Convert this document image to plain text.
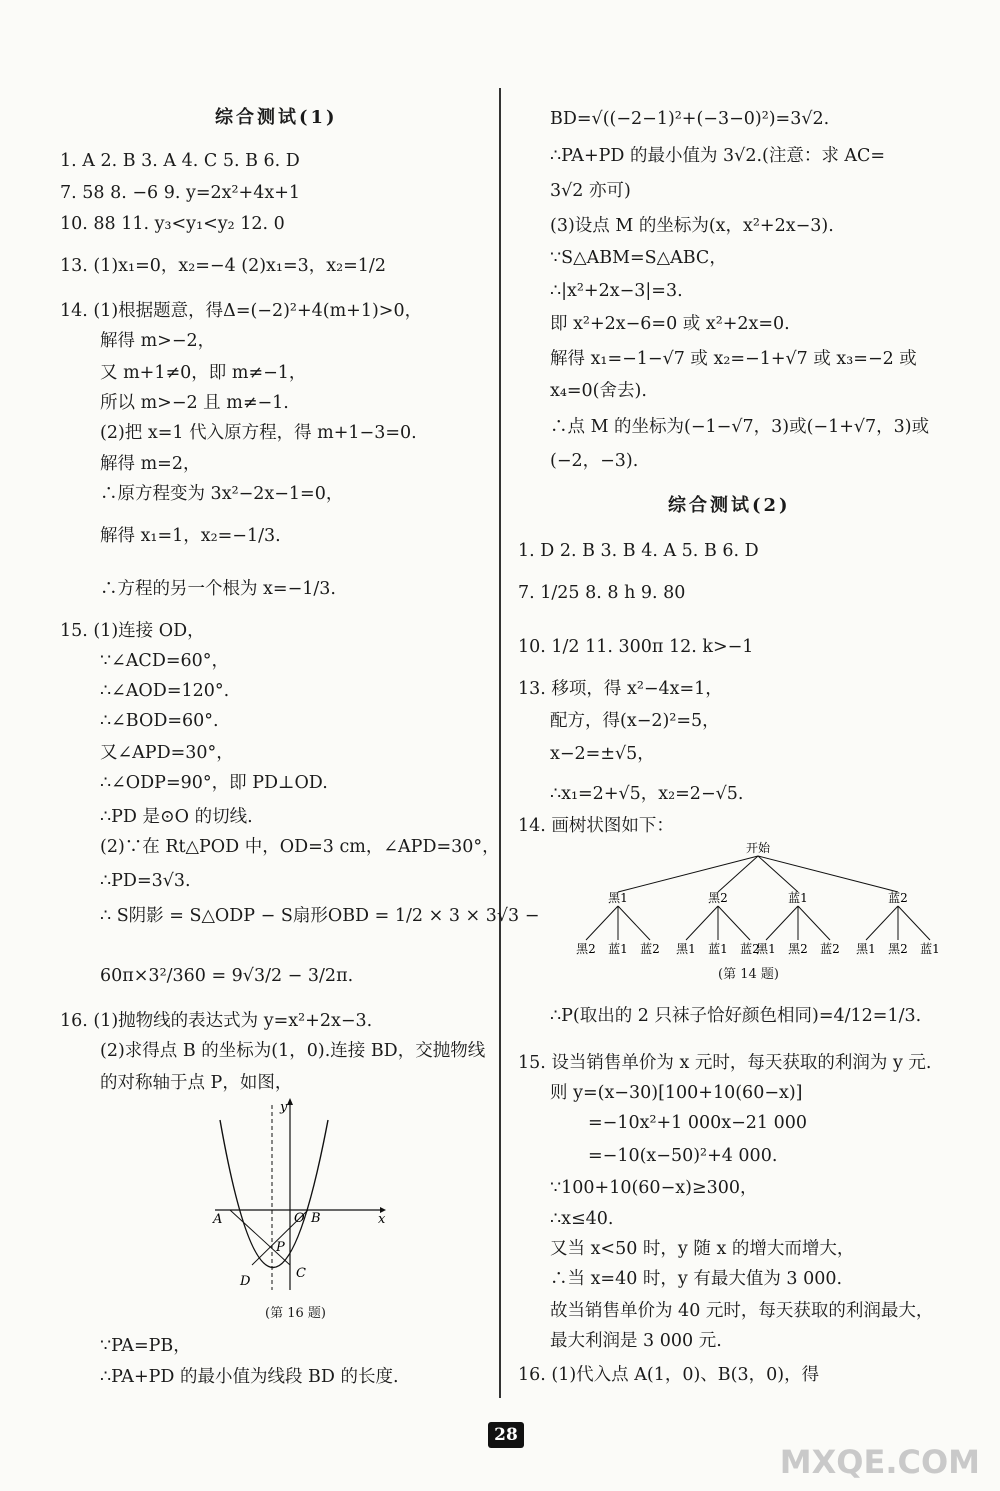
综合测试(1)
1. A 2. B 3. A 4. C 5. B 6. D
7. 58 8. −6 9. y=2x²+4x+1
10. 88 11. y₃<y₁<y₂ 12. 0
13. (1)x₁=0，x₂=−4 (2)x₁=3，x₂=1/2
14. (1)根据题意，得Δ=(−2)²+4(m+1)>0，
解得 m>−2，
又 m+1≠0，即 m≠−1，
所以 m>−2 且 m≠−1.
(2)把 x=1 代入原方程，得 m+1−3=0.
解得 m=2，
∴原方程变为 3x²−2x−1=0，
解得 x₁=1，x₂=−1/3.
∴方程的另一个根为 x=−1/3.
15. (1)连接 OD，
∵∠ACD=60°，
∴∠AOD=120°.
∴∠BOD=60°.
又∠APD=30°，
∴∠ODP=90°，即 PD⊥OD.
∴PD 是⊙O 的切线.
(2)∵在 Rt△POD 中，OD=3 cm，∠APD=30°，
∴PD=3√3.
∴ S阴影 = S△ODP − S扇形OBD = 1/2 × 3 × 3√3 −
60π×3²/360 = 9√3/2 − 3/2π.
16. (1)抛物线的表达式为 y=x²+2x−3.
(2)求得点 B 的坐标为(1，0).连接 BD，交抛物线
的对称轴于点 P，如图，
∵PA=PB，
∴PA+PD 的最小值为线段 BD 的长度.
A	O B
P
C
D
y
x
(第 16 题)
BD=√((−2−1)²+(−3−0)²)=3√2.
∴PA+PD 的最小值为 3√2.(注意：求 AC=
3√2 亦可)
(3)设点 M 的坐标为(x，x²+2x−3).
∵S△ABM=S△ABC，
∴|x²+2x−3|=3.
即 x²+2x−6=0 或 x²+2x=0.
解得 x₁=−1−√7 或 x₂=−1+√7 或 x₃=−2 或
x₄=0(舍去).
∴点 M 的坐标为(−1−√7，3)或(−1+√7，3)或
(−2，−3).
综合测试(2)
1. D 2. B 3. B 4. A 5. B 6. D
7. 1/25 8. 8 h 9. 80
10. 1/2 11. 300π 12. k>−1
13. 移项，得 x²−4x=1，
配方，得(x−2)²=5，
x−2=±√5，
∴x₁=2+√5，x₂=2−√5.
14. 画树状图如下：
开始
黑1
黑2 蓝1 蓝2
黑2
黑1 蓝1 蓝2
蓝1
黑1 黑2 蓝2
蓝2
黑1 黑2 蓝1
(第 14 题)
∴P(取出的 2 只袜子恰好颜色相同)=4/12=1/3.
15. 设当销售单价为 x 元时，每天获取的利润为 y 元.
则 y=(x−30)[100+10(60−x)]
=−10x²+1 000x−21 000
=−10(x−50)²+4 000.
∵100+10(60−x)≥300，
∴x≤40.
又当 x<50 时，y 随 x 的增大而增大，
∴当 x=40 时，y 有最大值为 3 000.
故当销售单价为 40 元时，每天获取的利润最大，
最大利润是 3 000 元.
16. (1)代入点 A(1，0)、B(3，0)，得
28
MXQE.COM
